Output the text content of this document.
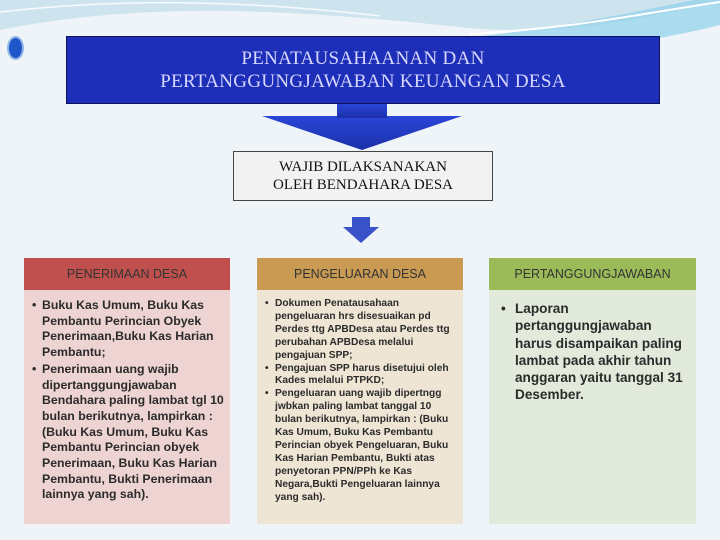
PENATAUSAHAANAN DAN
PERTANGGUNGJAWABAN KEUANGAN DESA
WAJIB DILAKSANAKAN
OLEH BENDAHARA DESA
PENERIMAAN DESA
• Buku Kas Umum, Buku Kas Pembantu Perincian Obyek Penerimaan,Buku Kas Harian Pembantu;
• Penerimaan uang wajib dipertanggungjawaban Bendahara paling lambat tgl 10 bulan berikutnya, lampirkan : (Buku Kas Umum, Buku Kas Pembantu Perincian obyek Penerimaan, Buku Kas Harian Pembantu, Bukti Penerimaan lainnya yang sah).
PENGELUARAN DESA
• Dokumen Penatausahaan pengeluaran hrs disesuaikan pd Perdes ttg APBDesa atau Perdes ttg perubahan APBDesa melalui pengajuan SPP;
• Pengajuan SPP harus disetujui oleh Kades melalui PTPKD;
• Pengeluaran uang wajib dipertngg jwbkan paling lambat tanggal 10 bulan berikutnya, lampirkan : (Buku Kas Umum, Buku Kas Pembantu Perincian obyek Pengeluaran, Buku Kas Harian Pembantu, Bukti atas penyetoran PPN/PPh ke Kas Negara,Bukti Pengeluaran lainnya yang sah).
PERTANGGUNGJAWABAN
• Laporan pertanggungjawaban harus disampaikan paling lambat pada akhir tahun anggaran yaitu tanggal 31 Desember.
